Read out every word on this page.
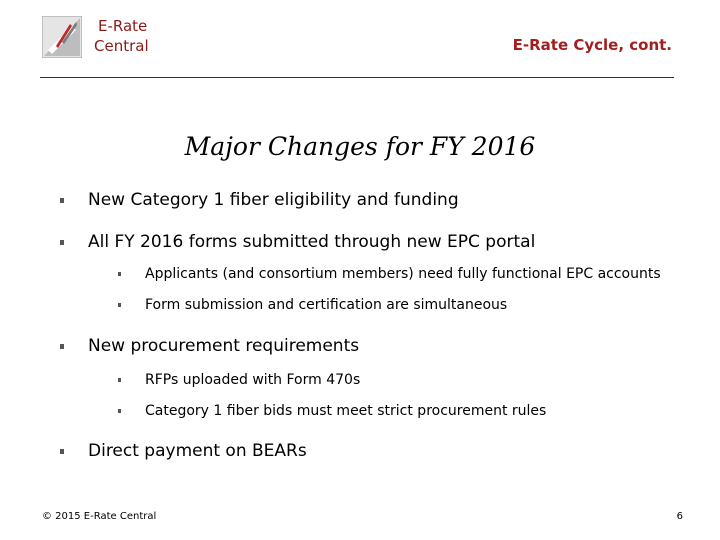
E-Rate
Central	E-Rate Cycle, cont.
Major Changes for FY 2016
New Category 1 fiber eligibility and funding
All FY 2016 forms submitted through new EPC portal
Applicants (and consortium members) need fully functional EPC accounts
Form submission and certification are simultaneous
New procurement requirements
RFPs uploaded with Form 470s
Category 1 fiber bids must meet strict procurement rules
Direct payment on BEARs
© 2015 E-Rate Central	6
